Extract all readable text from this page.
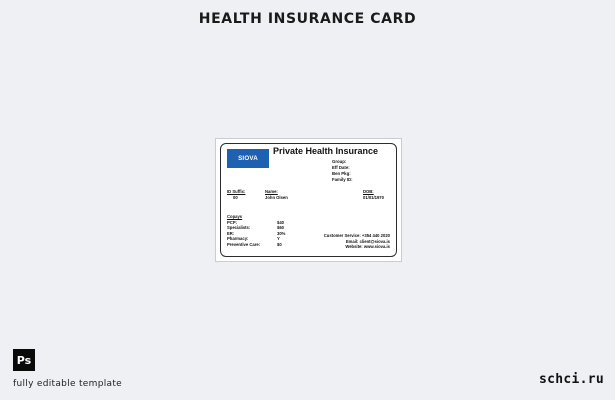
HEALTH INSURANCE CARD
SIOVA
Private Health Insurance
Group:
Eff Date:
Ben Pkg:
Family ID:
ID Suffix:
00
Name:
John Olsen
DOB:
01/01/1970
Copays
PCP:	$40
Specialists:	$60
ER:	30%
Pharmacy:	Y
Preventive Care:	$0
Customer Service: +354 440 2020
Email: client@siova.is
Website: www.siova.is
Ps
fully editable template	schci.ru
